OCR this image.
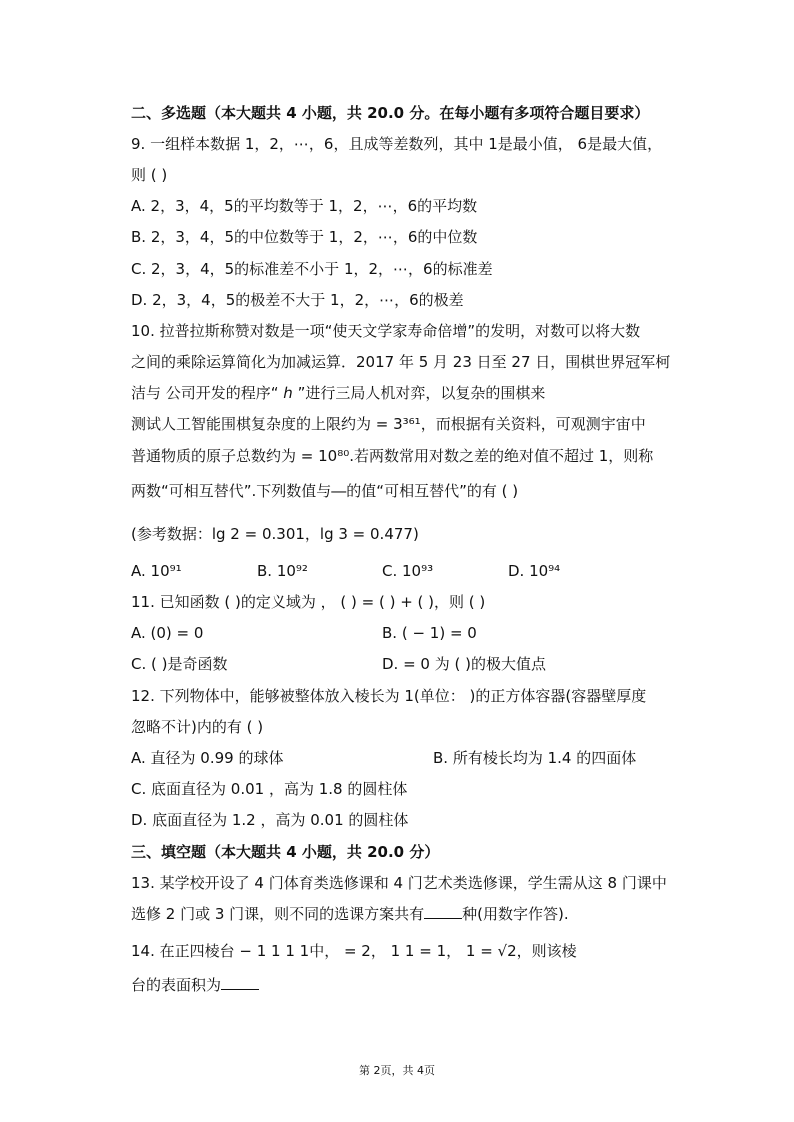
二、多选题（本大题共 4 小题，共 20.0 分。在每小题有多项符合题目要求）
9. 一组样本数据 1，2，⋯，6，且成等差数列，其中 1是最小值， 6是最大值，
则 ( )
A. 2，3，4，5的平均数等于 1，2，⋯，6的平均数
B. 2，3，4，5的中位数等于 1，2，⋯，6的中位数
C. 2，3，4，5的标准差不小于 1，2，⋯，6的标准差
D. 2，3，4，5的极差不大于 1，2，⋯，6的极差
10. 拉普拉斯称赞对数是一项“使天文学家寿命倍增”的发明，对数可以将大数
之间的乘除运算简化为加减运算．2017 年 5 月 23 日至 27 日，围棋世界冠军柯
洁与 公司开发的程序“ ℎ ”进行三局人机对弈，以复杂的围棋来
测试人工智能围棋复杂度的上限约为 = 3³⁶¹，而根据有关资料，可观测宇宙中
普通物质的原子总数约为 = 10⁸⁰.若两数常用对数之差的绝对值不超过 1，则称
两数“可相互替代”.下列数值与―的值“可相互替代”的有 ( )
(参考数据：lg 2 = 0.301，lg 3 = 0.477)
A. 10⁹¹	B. 10⁹²	C. 10⁹³	D. 10⁹⁴
11. 已知函数 ( )的定义域为 ， ( ) = ( ) + ( )，则 ( )
A. (0) = 0	B. ( − 1) = 0
C. ( )是奇函数	D. = 0 为 ( )的极大值点
12. 下列物体中，能够被整体放入棱长为 1(单位： )的正方体容器(容器壁厚度
忽略不计)内的有 ( )
A. 直径为 0.99 的球体	B. 所有棱长均为 1.4 的四面体
C. 底面直径为 0.01 ，高为 1.8 的圆柱体
D. 底面直径为 1.2 ，高为 0.01 的圆柱体
三、填空题（本大题共 4 小题，共 20.0 分）
13. 某学校开设了 4 门体育类选修课和 4 门艺术类选修课，学生需从这 8 门课中
选修 2 门或 3 门课，则不同的选课方案共有	种(用数字作答).
14. 在正四棱台 − 1 1 1 1中， = 2， 1 1 = 1， 1 = √2，则该棱
台的表面积为
第 2页，共 4页
